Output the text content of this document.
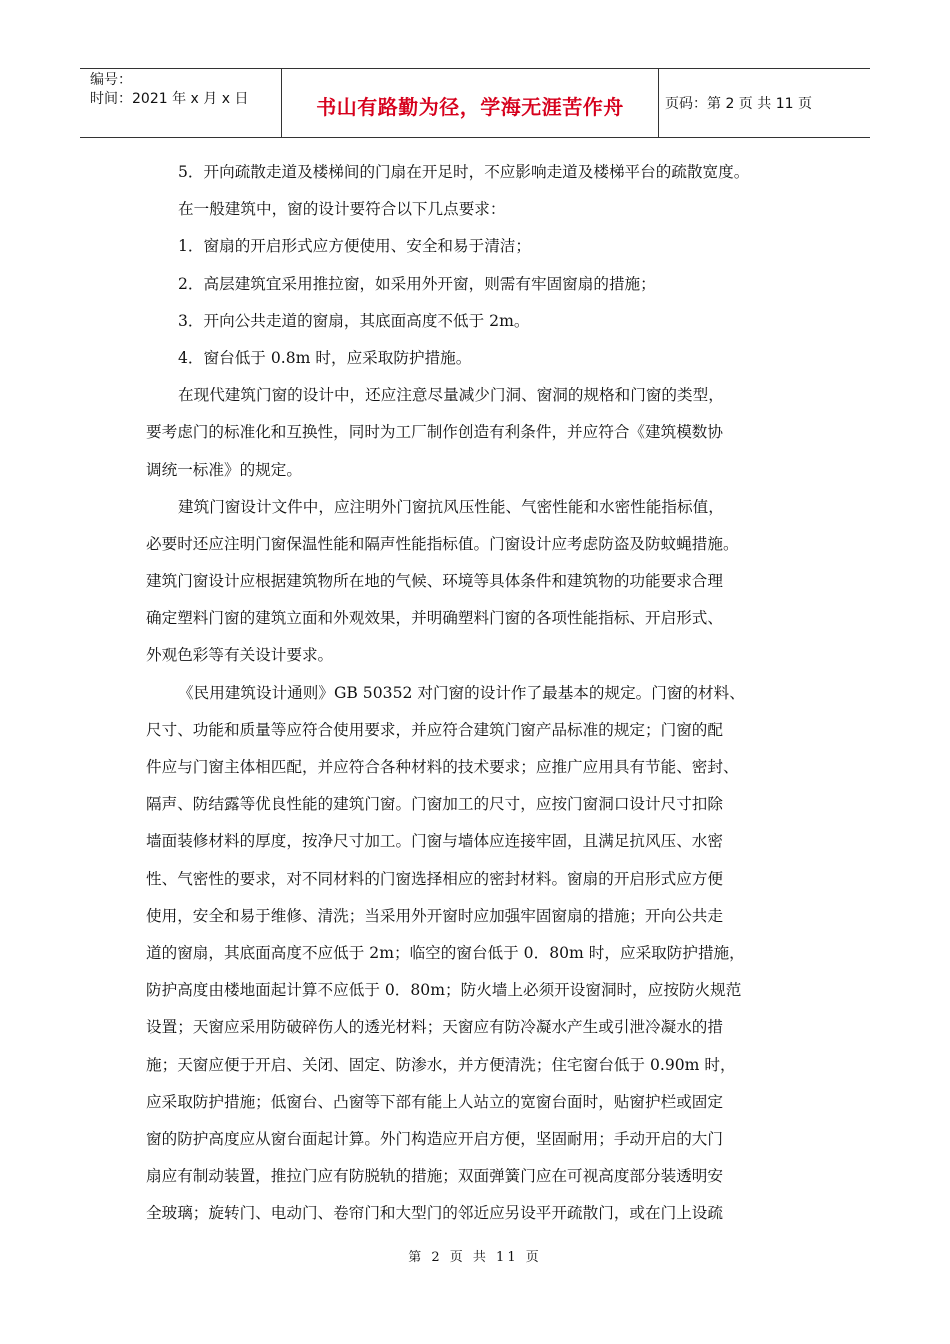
编号：
时间：2021 年 x 月 x 日	书山有路勤为径，学海无涯苦作舟	页码：第 2 页 共 11 页
5．开向疏散走道及楼梯间的门扇在开足时，不应影响走道及楼梯平台的疏散宽度。
在一般建筑中，窗的设计要符合以下几点要求：
1．窗扇的开启形式应方便使用、安全和易于清洁；
2．高层建筑宜采用推拉窗，如采用外开窗，则需有牢固窗扇的措施；
3．开向公共走道的窗扇，其底面高度不低于 2m。
4．窗台低于 0.8m 时，应采取防护措施。
在现代建筑门窗的设计中，还应注意尽量减少门洞、窗洞的规格和门窗的类型，
要考虑门的标准化和互换性，同时为工厂制作创造有利条件，并应符合《建筑模数协
调统一标准》的规定。
建筑门窗设计文件中，应注明外门窗抗风压性能、气密性能和水密性能指标值，
必要时还应注明门窗保温性能和隔声性能指标值。门窗设计应考虑防盗及防蚊蝇措施。
建筑门窗设计应根据建筑物所在地的气候、环境等具体条件和建筑物的功能要求合理
确定塑料门窗的建筑立面和外观效果，并明确塑料门窗的各项性能指标、开启形式、
外观色彩等有关设计要求。
《民用建筑设计通则》GB 50352 对门窗的设计作了最基本的规定。门窗的材料、
尺寸、功能和质量等应符合使用要求，并应符合建筑门窗产品标准的规定；门窗的配
件应与门窗主体相匹配，并应符合各种材料的技术要求；应推广应用具有节能、密封、
隔声、防结露等优良性能的建筑门窗。门窗加工的尺寸，应按门窗洞口设计尺寸扣除
墙面装修材料的厚度，按净尺寸加工。门窗与墙体应连接牢固，且满足抗风压、水密
性、气密性的要求，对不同材料的门窗选择相应的密封材料。窗扇的开启形式应方便
使用，安全和易于维修、清洗；当采用外开窗时应加强牢固窗扇的措施；开向公共走
道的窗扇，其底面高度不应低于 2m；临空的窗台低于 0．80m 时，应采取防护措施，
防护高度由楼地面起计算不应低于 0．80m；防火墙上必须开设窗洞时，应按防火规范
设置；天窗应采用防破碎伤人的透光材料；天窗应有防冷凝水产生或引泄冷凝水的措
施；天窗应便于开启、关闭、固定、防渗水，并方便清洗；住宅窗台低于 0.90m 时，
应采取防护措施；低窗台、凸窗等下部有能上人站立的宽窗台面时，贴窗护栏或固定
窗的防护高度应从窗台面起计算。外门构造应开启方便，坚固耐用；手动开启的大门
扇应有制动装置，推拉门应有防脱轨的措施；双面弹簧门应在可视高度部分装透明安
全玻璃；旋转门、电动门、卷帘门和大型门的邻近应另设平开疏散门，或在门上设疏
第 2 页 共 11 页
